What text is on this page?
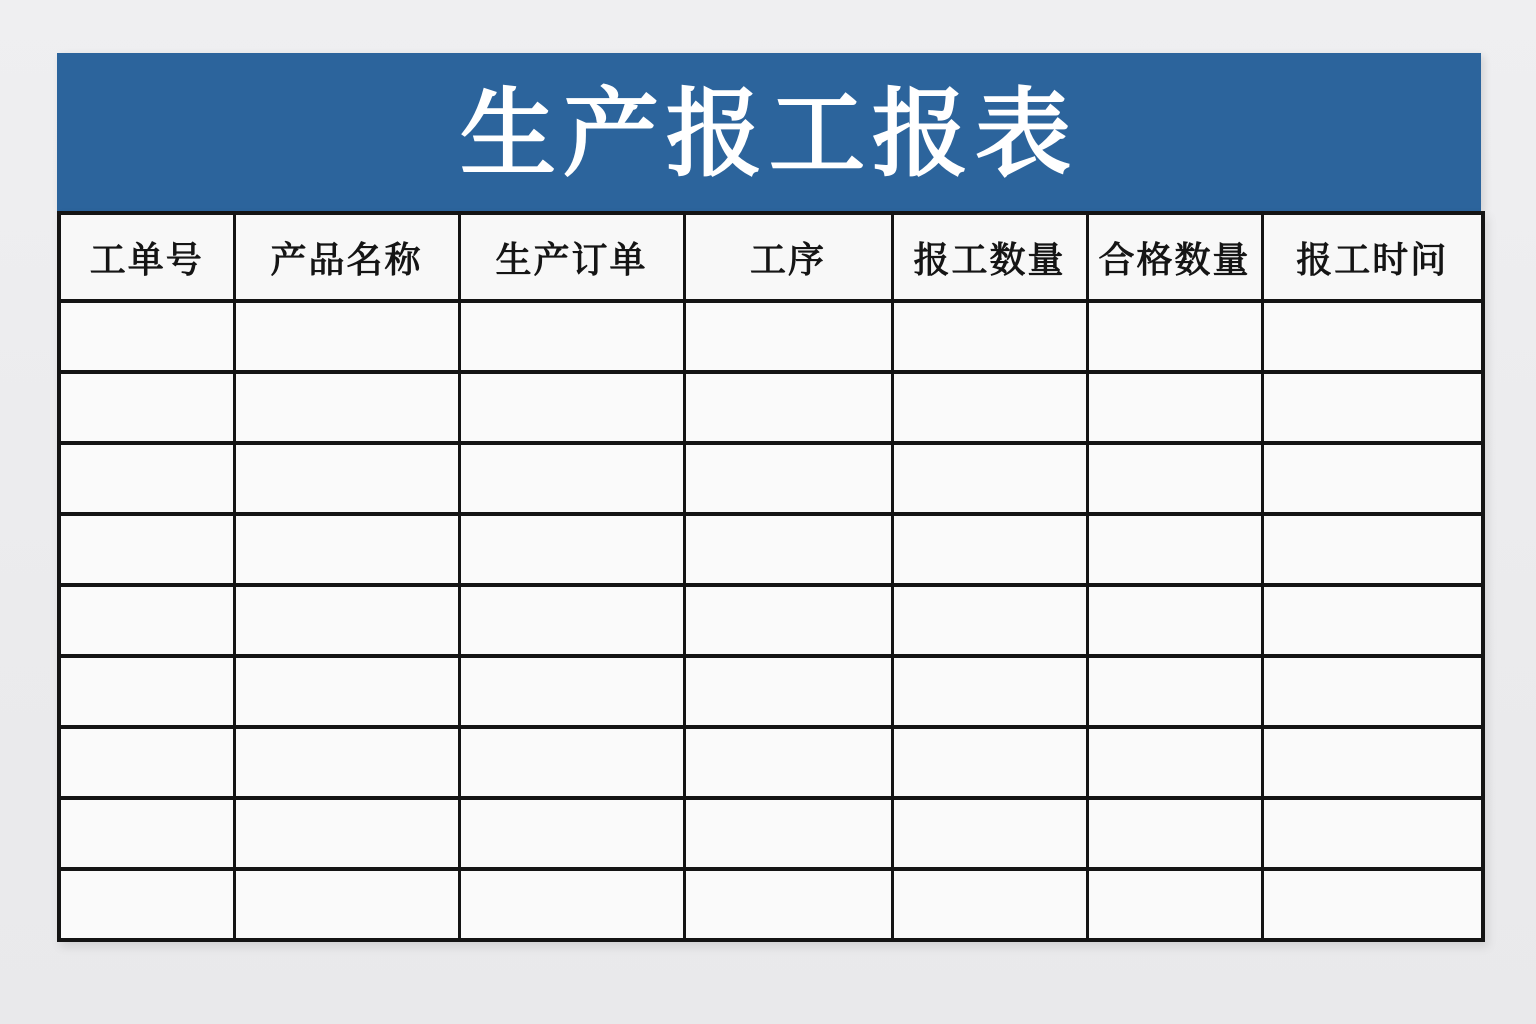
生产报工报表
工单号	产品名称	生产订单	工序	报工数量	合格数量	报工时问
